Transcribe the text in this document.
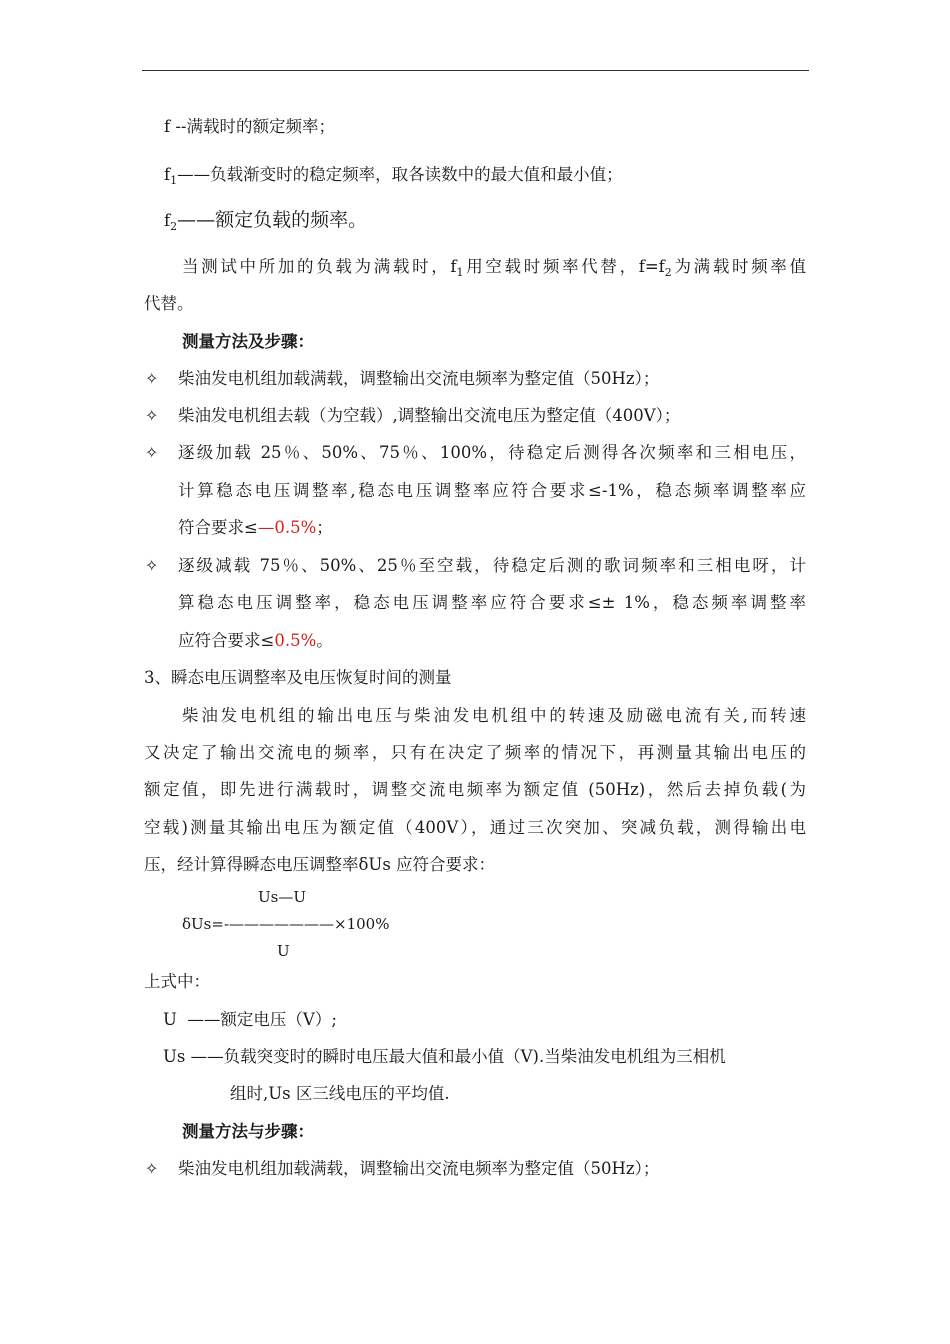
f --满载时的额定频率；
$f_1——$负载渐变时的稳定频率，取各读数中的最大值和最小值；
$f_2——$额定负载的频率。
当测试中所加的负载为满载时，$f_1$用空载时频率代替，$f=f_2$为满载时频率值
代替。
测量方法及步骤：
✧ 柴油发电机组加载满载，调整输出交流电频率为整定值（50Hz）；
✧ 柴油发电机组去载（为空载）,调整输出交流电压为整定值（400V）；
✧ 逐级加载 25％、50%、75％、100%，待稳定后测得各次频率和三相电压，
计算稳态电压调整率,稳态电压调整率应符合要求≤-1%，稳态频率调整率应
符合要求≤—0.5%；
✧ 逐级减载 75％、50%、25％至空载，待稳定后测的歌词频率和三相电呀，计
算稳态电压调整率，稳态电压调整率应符合要求≤± 1%，稳态频率调整率
应符合要求≤0.5%。
3、瞬态电压调整率及电压恢复时间的测量
柴油发电机组的输出电压与柴油发电机组中的转速及励磁电流有关,而转速
又决定了输出交流电的频率，只有在决定了频率的情况下，再测量其输出电压的
额定值，即先进行满载时，调整交流电频率为额定值 (50Hz)，然后去掉负载(为
空载)测量其输出电压为额定值（400V），通过三次突加、突减负载，测得输出电
压，经计算得瞬态电压调整率δUs 应符合要求：
Us—U
δUs=-———————×100%
U
上式中：
U ——额定电压（V）;
Us ——负载突变时的瞬时电压最大值和最小值（V).当柴油发电机组为三相机
组时,Us 区三线电压的平均值.
测量方法与步骤：
✧ 柴油发电机组加载满载，调整输出交流电频率为整定值（50Hz）；
